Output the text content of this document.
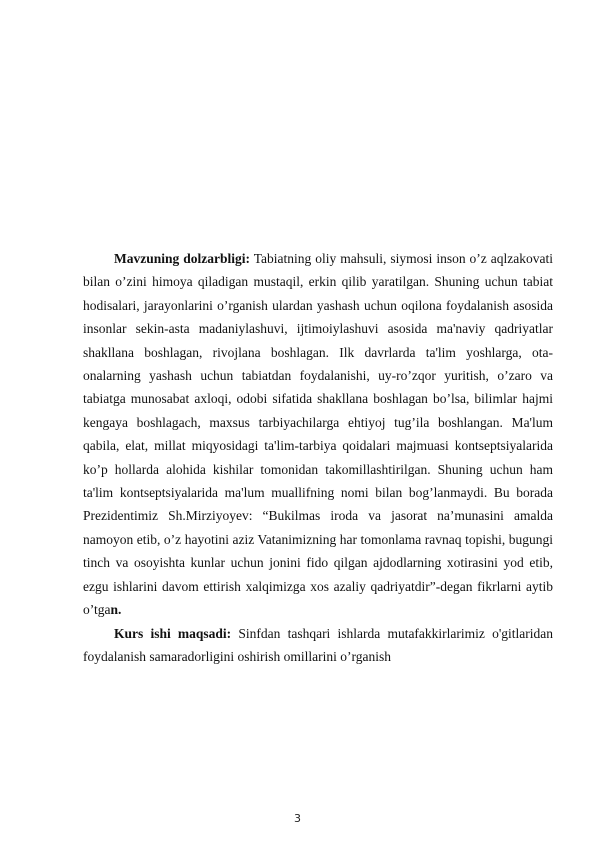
Mavzuning dolzarbligi: Tabiatning oliy mahsuli, siymosi inson o’z aqlzakovati bilan o’zini himoya qiladigan mustaqil, erkin qilib yaratilgan. Shuning uchun tabiat hodisalari, jarayonlarini o’rganish ulardan yashash uchun oqilona foydalanish asosida insonlar sekin-asta madaniylashuvi, ijtimoiylashuvi asosida ma'naviy qadriyatlar shakllana boshlagan, rivojlana boshlagan. Ilk davrlarda ta'lim yoshlarga, ota-onalarning yashash uchun tabiatdan foydalanishi, uy-ro’zqor yuritish, o’zaro va tabiatga munosabat axloqi, odobi sifatida shakllana boshlagan bo’lsa, bilimlar hajmi kengaya boshlagach, maxsus tarbiyachilarga ehtiyoj tug’ila boshlangan. Ma'lum qabila, elat, millat miqyosidagi ta'lim-tarbiya qoidalari majmuasi kontseptsiyalarida ko’p hollarda alohida kishilar tomonidan takomillashtirilgan. Shuning uchun ham ta'lim kontseptsiyalarida ma'lum muallifning nomi bilan bog’lanmaydi. Bu borada Prezidentimiz Sh.Mirziyoyev: “Bukilmas iroda va jasorat na’munasini amalda namoyon etib, o’z hayotini aziz Vatanimizning har tomonlama ravnaq topishi, bugungi tinch va osoyishta kunlar uchun jonini fido qilgan ajdodlarning xotirasini yod etib, ezgu ishlarini davom ettirish xalqimizga xos azaliy qadriyatdir”-degan fikrlarni aytib o’tgan.

Kurs ishi maqsadi: Sinfdan tashqari ishlarda mutafakkirlarimiz o'gitlaridan foydalanish samaradorligini oshirish omillarini o’rganish

3
